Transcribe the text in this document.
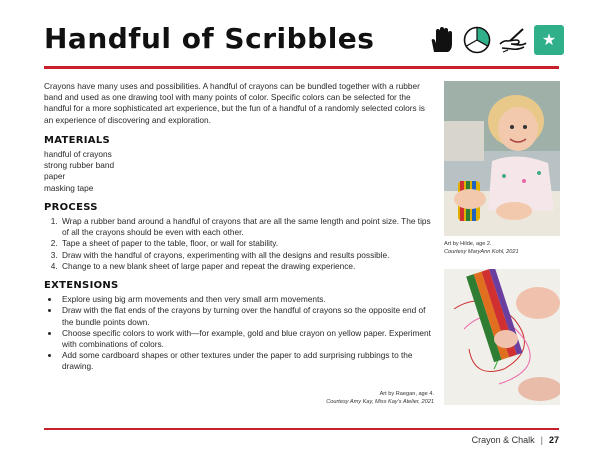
Handful of Scribbles	★

Crayons have many uses and possibilities. A handful of crayons can be bundled together with a rubber band and used as one drawing tool with many points of color. Specific colors can be selected for the handful for a more sophisticated art experience, but the fun of a handful of a randomly selected colors is an experience of discovering and exploration.

MATERIALS
handful of crayons
strong rubber band
paper
masking tape
PROCESS
1. Wrap a rubber band around a handful of crayons that are all the same length and point size. The tips of all the crayons should be even with each other.
2. Tape a sheet of paper to the table, floor, or wall for stability.
3. Draw with the handful of crayons, experimenting with all the designs and results possible.
4. Change to a new blank sheet of large paper and repeat the drawing experience.
EXTENSIONS
• Explore using big arm movements and then very small arm movements.
• Draw with the flat ends of the crayons by turning over the handful of crayons so the opposite end of the bundle points down.
• Choose specific colors to work with—for example, gold and blue crayon on yellow paper. Experiment with combinations of colors.
• Add some cardboard shapes or other textures under the paper to add surprising rubbings to the drawing.
Art by Raegan, age 4.
Courtesy Amy Kay, Miss Kay's Atelier, 2021
Art by Hilde, age 2.
Courtesy MaryAnn Kohl, 2021
Crayon & Chalk | 27
